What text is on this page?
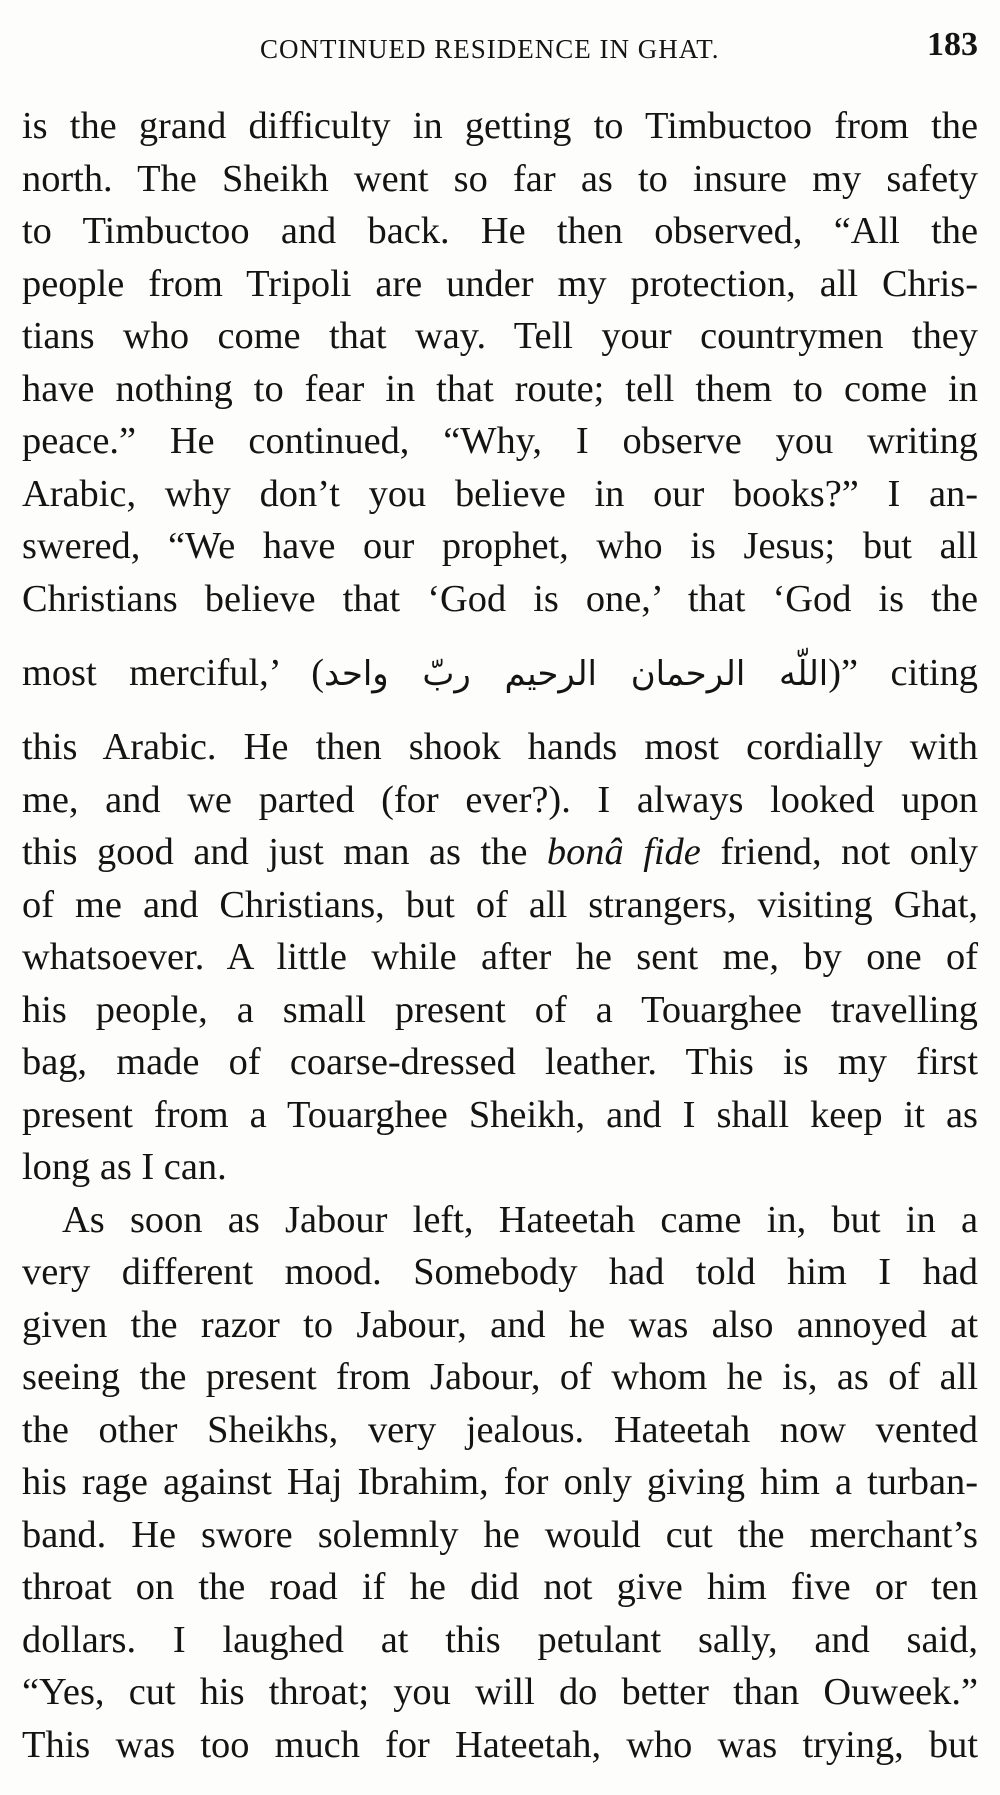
CONTINUED RESIDENCE IN GHAT.	183
is the grand difficulty in getting to Timbuctoo from the
north. The Sheikh went so far as to insure my safety
to Timbuctoo and back. He then observed, “All the
people from Tripoli are under my protection, all Chris-
tians who come that way. Tell your countrymen they
have nothing to fear in that route; tell them to come in
peace.” He continued, “Why, I observe you writing
Arabic, why don’t you believe in our books?” I an-
swered, “We have our prophet, who is Jesus; but all
Christians believe that ‘God is one,’ that ‘God is the
most merciful,’ (اللّه الرحمان الرحيم ربّ واحد)” citing
this Arabic. He then shook hands most cordially with
me, and we parted (for ever?). I always looked upon
this good and just man as the bonâ fide friend, not only
of me and Christians, but of all strangers, visiting Ghat,
whatsoever. A little while after he sent me, by one of
his people, a small present of a Touarghee travelling
bag, made of coarse-dressed leather. This is my first
present from a Touarghee Sheikh, and I shall keep it as
long as I can.
As soon as Jabour left, Hateetah came in, but in a
very different mood. Somebody had told him I had
given the razor to Jabour, and he was also annoyed at
seeing the present from Jabour, of whom he is, as of all
the other Sheikhs, very jealous. Hateetah now vented
his rage against Haj Ibrahim, for only giving him a turban-
band. He swore solemnly he would cut the merchant’s
throat on the road if he did not give him five or ten
dollars. I laughed at this petulant sally, and said,
“Yes, cut his throat; you will do better than Ouweek.”
This was too much for Hateetah, who was trying, but
